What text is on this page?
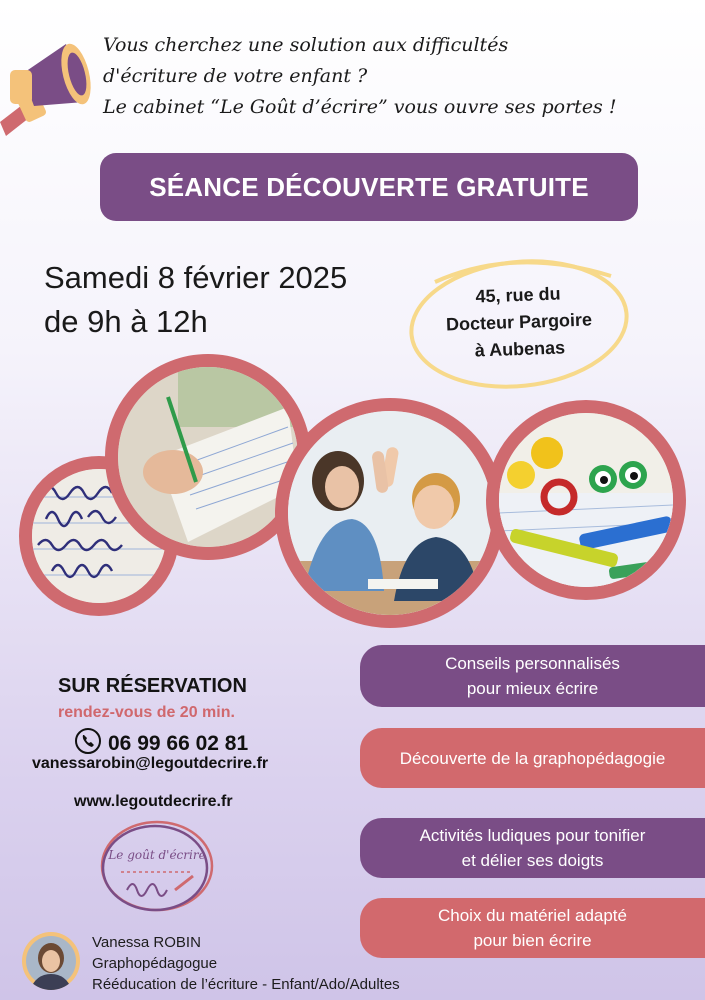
Vous cherchez une solution aux difficultés
d'écriture de votre enfant ?
Le cabinet “Le Goût d’écrire” vous ouvre ses portes !
SÉANCE DÉCOUVERTE GRATUITE
Samedi 8 février 2025
de 9h à 12h
45, rue du
Docteur Pargoire
à Aubenas
SUR RÉSERVATION
rendez-vous de 20 min.
06 99 66 02 81
vanessarobin@legoutdecrire.fr
www.legoutdecrire.fr
Le goût d'écrire
Conseils personnalisés
pour mieux écrire
Découverte de la graphopédagogie
Activités ludiques pour tonifier
et délier ses doigts
Choix du matériel adapté
pour bien écrire
Vanessa ROBIN
Graphopédagogue
Rééducation de l’écriture - Enfant/Ado/Adultes
